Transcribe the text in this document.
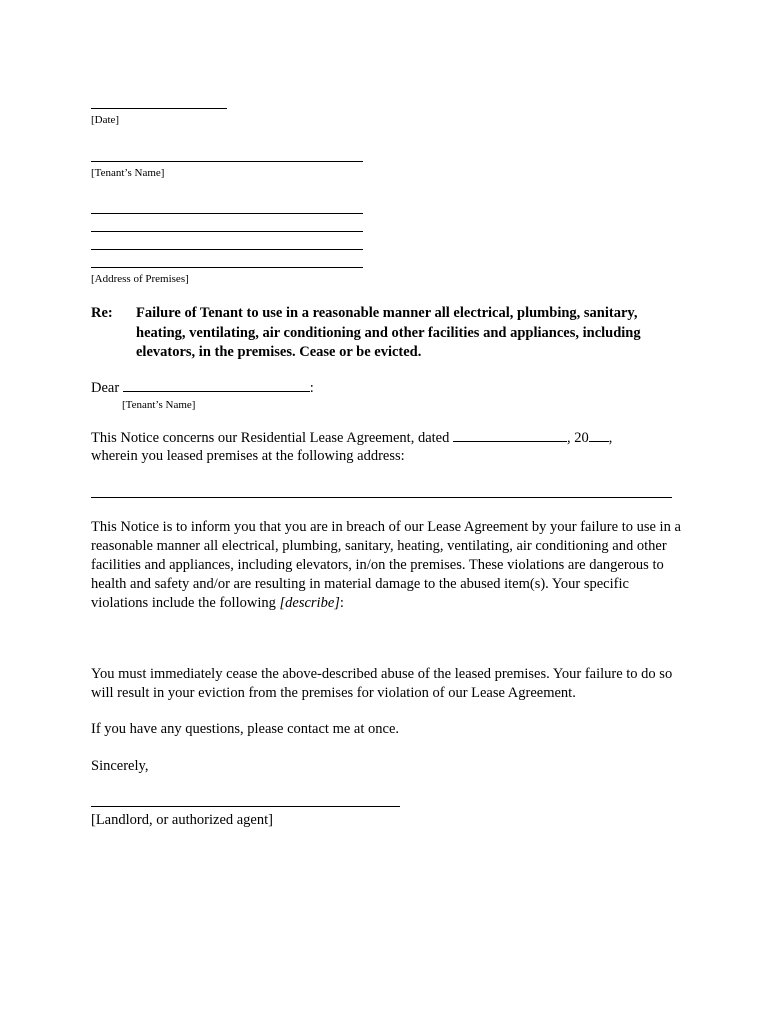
[Date]
[Tenant’s Name]
[Address of Premises]
Re: Failure of Tenant to use in a reasonable manner all electrical, plumbing, sanitary, heating, ventilating, air conditioning and other facilities and appliances, including elevators, in the premises. Cease or be evicted.
Dear	:
[Tenant’s Name]
This Notice concerns our Residential Lease Agreement, dated	, 20 ,
wherein you leased premises at the following address:
This Notice is to inform you that you are in breach of our Lease Agreement by your failure to use in a reasonable manner all electrical, plumbing, sanitary, heating, ventilating, air conditioning and other facilities and appliances, including elevators, in/on the premises. These violations are dangerous to health and safety and/or are resulting in material damage to the abused item(s). Your specific violations include the following [describe]:
You must immediately cease the above-described abuse of the leased premises. Your failure to do so will result in your eviction from the premises for violation of our Lease Agreement.
If you have any questions, please contact me at once.
Sincerely,
[Landlord, or authorized agent]
